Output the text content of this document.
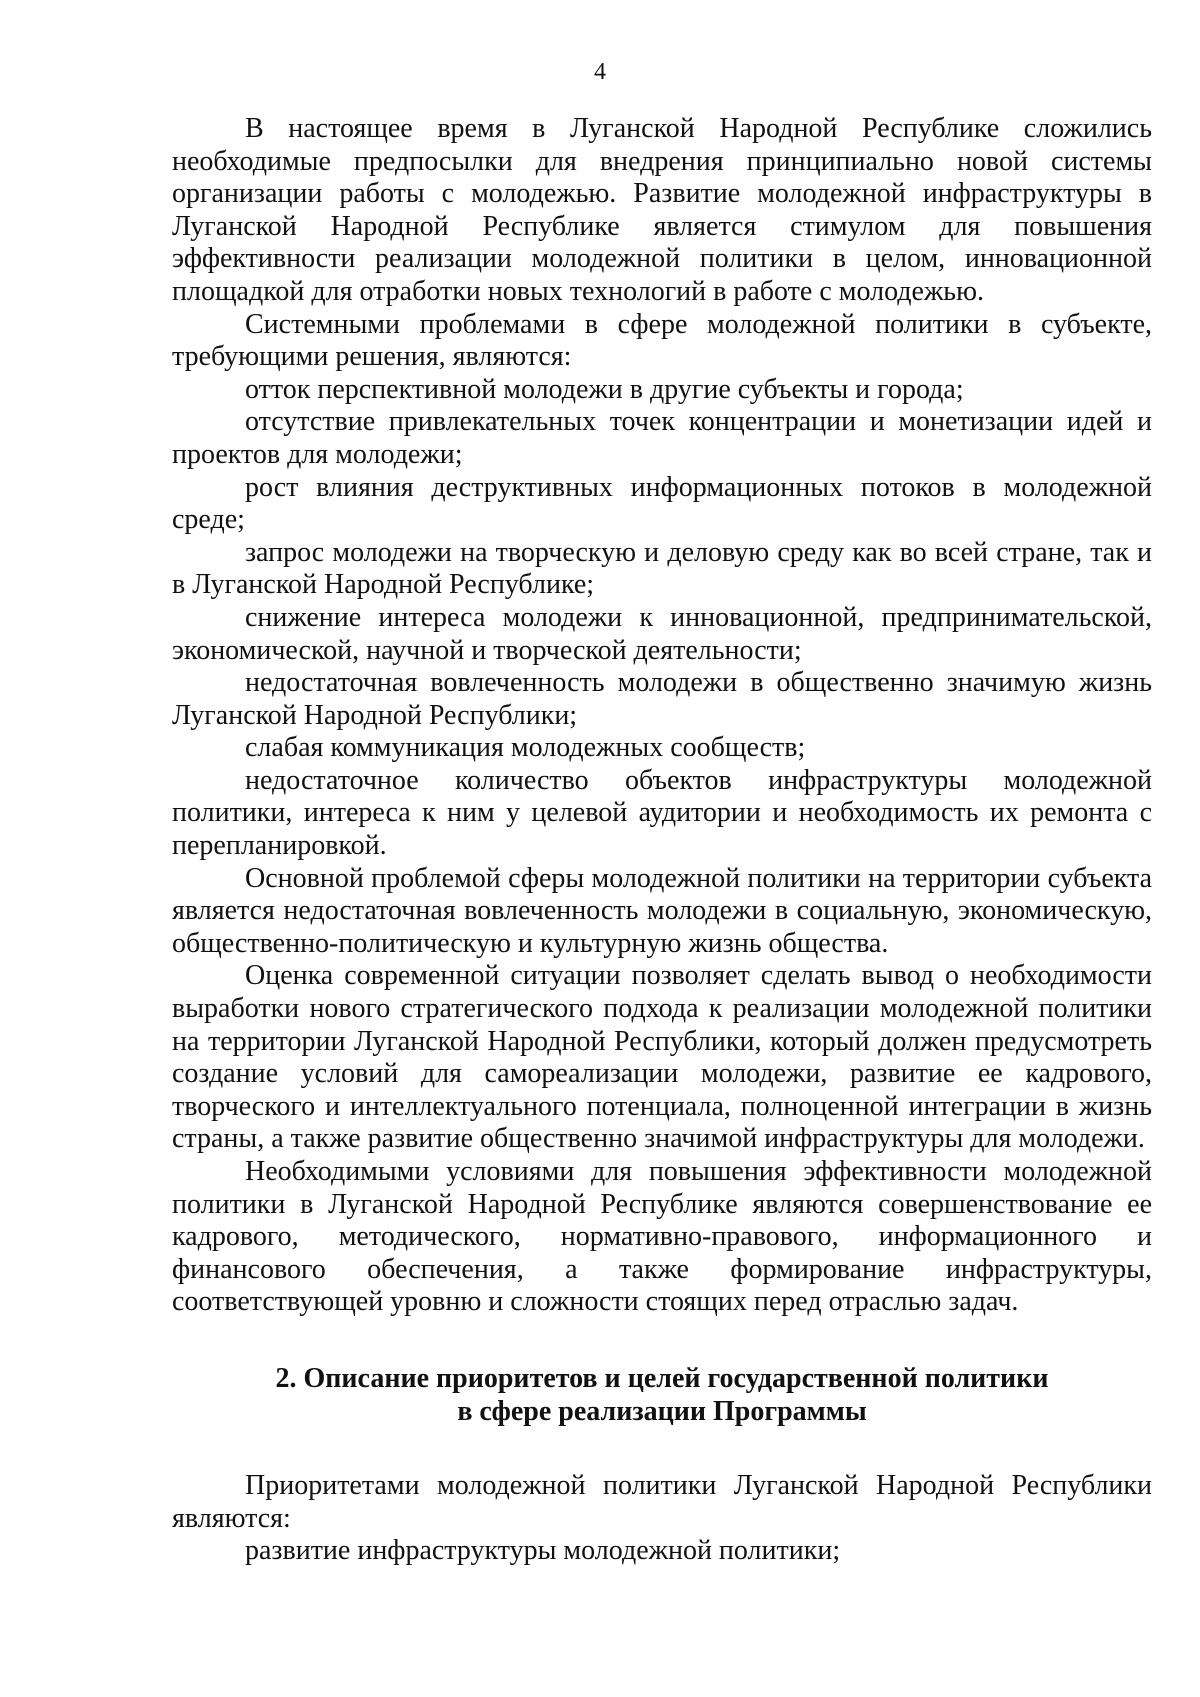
4

В настоящее время в Луганской Народной Республике сложились необходимые предпосылки для внедрения принципиально новой системы организации работы с молодежью. Развитие молодежной инфраструктуры в Луганской Народной Республике является стимулом для повышения эффективности реализации молодежной политики в целом, инновационной площадкой для отработки новых технологий в работе с молодежью.

Системными проблемами в сфере молодежной политики в субъекте, требующими решения, являются:

отток перспективной молодежи в другие субъекты и города;

отсутствие привлекательных точек концентрации и монетизации идей и проектов для молодежи;

рост влияния деструктивных информационных потоков в молодежной среде;

запрос молодежи на творческую и деловую среду как во всей стране, так и в Луганской Народной Республике;

снижение интереса молодежи к инновационной, предпринимательской, экономической, научной и творческой деятельности;

недостаточная вовлеченность молодежи в общественно значимую жизнь Луганской Народной Республики;

слабая коммуникация молодежных сообществ;

недостаточное количество объектов инфраструктуры молодежной политики, интереса к ним у целевой аудитории и необходимость их ремонта с перепланировкой.

Основной проблемой сферы молодежной политики на территории субъекта является недостаточная вовлеченность молодежи в социальную, экономическую, общественно-политическую и культурную жизнь общества.

Оценка современной ситуации позволяет сделать вывод о необходимости выработки нового стратегического подхода к реализации молодежной политики на территории Луганской Народной Республики, который должен предусмотреть создание условий для самореализации молодежи, развитие ее кадрового, творческого и интеллектуального потенциала, полноценной интеграции в жизнь страны, а также развитие общественно значимой инфраструктуры для молодежи.

Необходимыми условиями для повышения эффективности молодежной политики в Луганской Народной Республике являются совершенствование ее кадрового, методического, нормативно-правового, информационного и финансового обеспечения, а также формирование инфраструктуры, соответствующей уровню и сложности стоящих перед отраслью задач.

2. Описание приоритетов и целей государственной политики
в сфере реализации Программы

Приоритетами молодежной политики Луганской Народной Республики являются:

развитие инфраструктуры молодежной политики;
